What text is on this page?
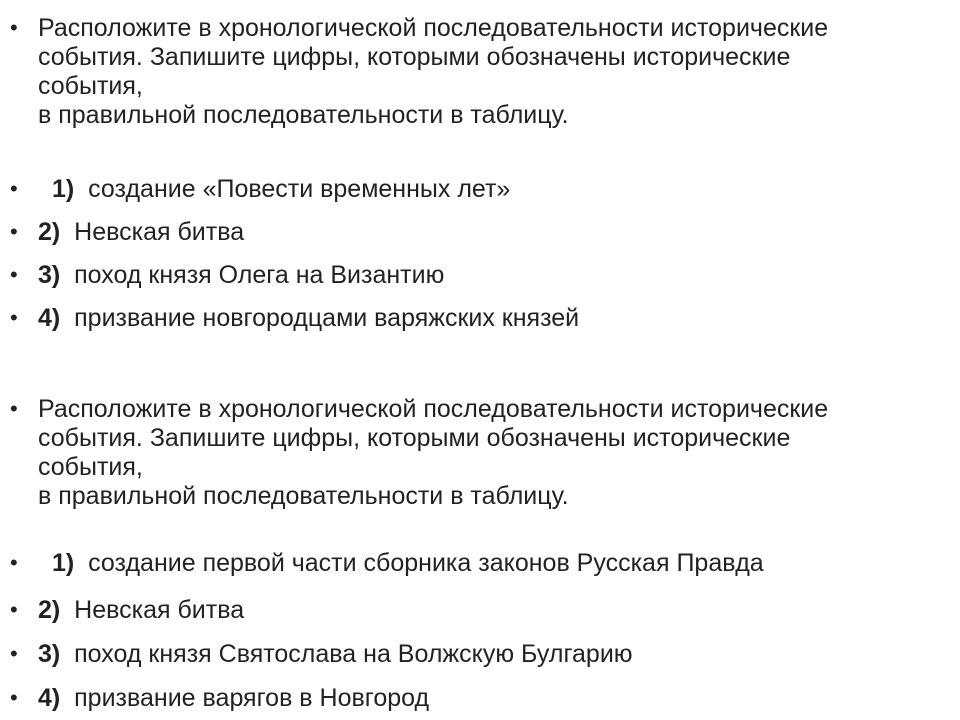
• Расположите в хронологической последовательности исторические
события. Запишите цифры, которыми обозначены исторические
события,
в правильной последовательности в таблицу.
•	1) создание «Повести временных лет»
• 2) Невская битва
• 3) поход князя Олега на Византию
• 4) призвание новгородцами варяжских князей
• Расположите в хронологической последовательности исторические
события. Запишите цифры, которыми обозначены исторические
события,
в правильной последовательности в таблицу.
•	1) создание первой части сборника законов Русская Правда
• 2) Невская битва
• 3) поход князя Святослава на Волжскую Булгарию
• 4) призвание варягов в Новгород
